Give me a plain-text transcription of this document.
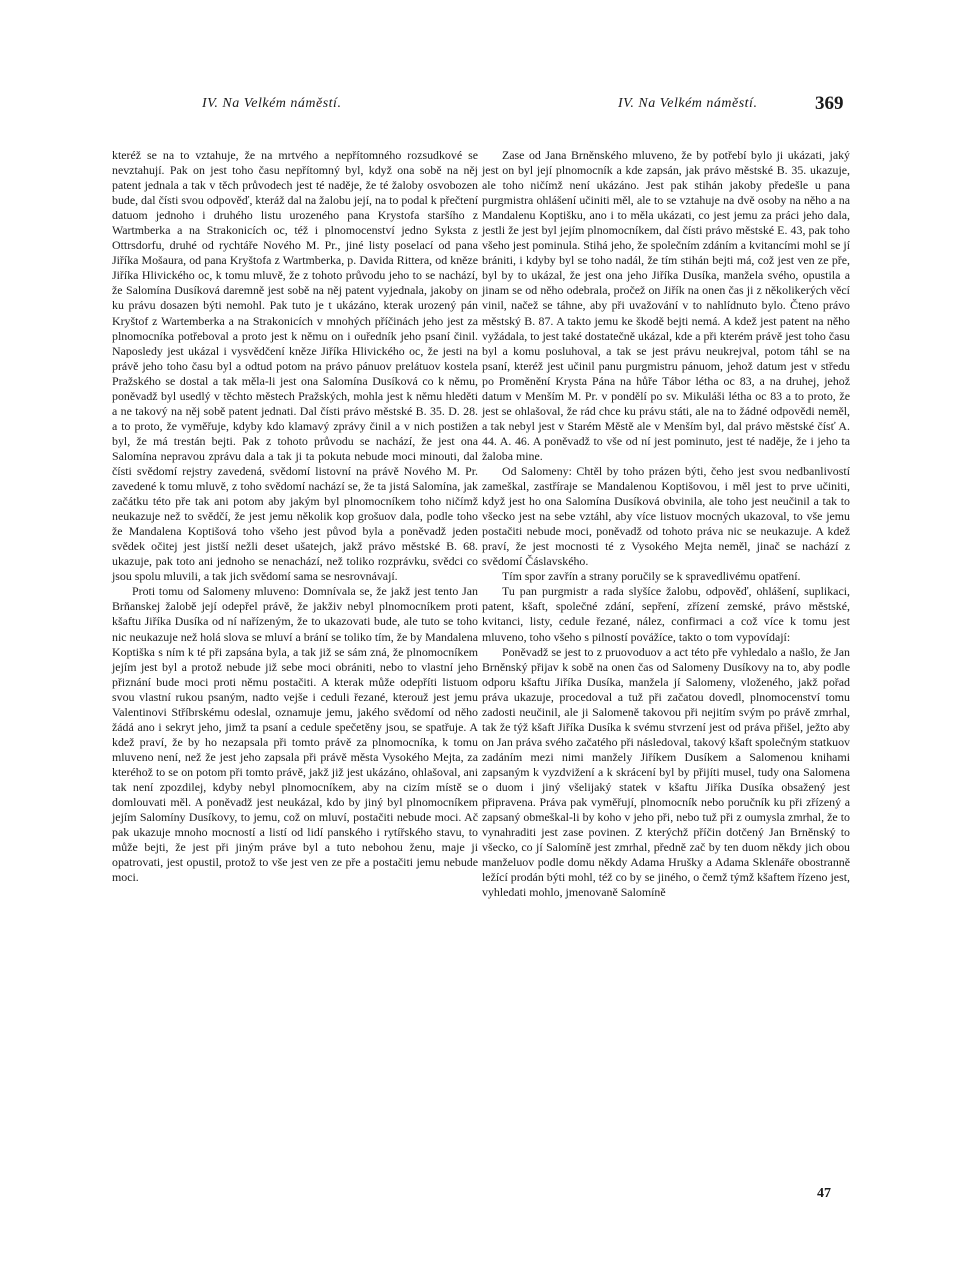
IV. Na Velkém náměstí.	IV. Na Velkém náměstí.	369

kteréž se na to vztahuje, že na mrtvého a nepřítomného rozsudkové se nevztahují. Pak on jest toho času nepřítomný byl, když ona sobě na něj patent jednala a tak v těch průvodech jest té naděje, že té žaloby osvobozen bude, dal čísti svou odpověď, kteráž dal na žalobu její, na to podal k přečtení datuom jednoho i druhého listu urozeného pana Krystofa staršího z Wartmberka a na Strakonicích oc, též i plnomocenství jedno Syksta z Ottrsdorfu, druhé od rychtáře Nového M. Pr., jiné listy poselací od pana Jiříka Mošaura, od pana Kryštofa z Wartmberka, p. Davida Rittera, od kněze Jiříka Hlivického oc, k tomu mluvě, že z tohoto průvodu jeho to se nachází, že Salomína Dusíková daremně jest sobě na něj patent vyjednala, jakoby on ku právu dosazen býti nemohl. Pak tuto je t ukázáno, kterak urozený pán Kryštof z Wartemberka a na Strakonicích v mnohých příčinách jeho jest za plnomocníka potřeboval a proto jest k němu on i ouředník jeho psaní činil. Naposledy jest ukázal i vysvědčení kněze Jiříka Hlivického oc, že jesti na právě jeho toho času byl a odtud potom na právo pánuov prelátuov kostela Pražského se dostal a tak měla-li jest ona Salomína Dusíková co k němu, poněvadž byl usedlý v těchto městech Pražských, mohla jest k němu hleděti a ne takový na něj sobě patent jednati. Dal čísti právo městské B. 35. D. 28. a to proto, že vyměřuje, kdyby kdo klamavý zprávy činil a v nich postižen byl, že má trestán bejti. Pak z tohoto průvodu se nachází, že jest ona Salomína nepravou zprávu dala a tak ji ta pokuta nebude moci minouti, dal čísti svědomí rejstry zavedená, svědomí listovní na právě Nového M. Pr. zavedené k tomu mluvě, z toho svědomí nachází se, že ta jistá Salomína, jak začátku této pře tak ani potom aby jakým byl plnomocníkem toho ničímž neukazuje než to svědčí, že jest jemu několik kop grošuov dala, podle toho že Mandalena Koptišová toho všeho jest původ byla a poněvadž jeden svědek očitej jest jistší nežli deset ušatejch, jakž právo městské B. 68. ukazuje, pak toto ani jednoho se nenachází, než toliko rozprávku, svědci co jsou spolu mluvili, a tak jich svědomí sama se nesrovnávají.

Proti tomu od Salomeny mluveno: Domnívala se, že jakž jest tento Jan Brňanskej žalobě její odepřel právě, že jakživ nebyl plnomocníkem proti kšaftu Jiříka Dusíka od ní nařízeným, že to ukazovati bude, ale tuto se toho nic neukazuje než holá slova se mluví a brání se toliko tím, že by Mandalena Koptiška s ním k té při zapsána byla, a tak již se sám zná, že plnomocníkem jejím jest byl a protož nebude již sebe moci obrániti, nebo to vlastní jeho přiznání bude moci proti němu postačiti. A kterak může odepříti listuom svou vlastní rukou psaným, nadto vejše i ceduli řezané, kterouž jest jemu Valentinovi Stříbrskému odeslal, oznamuje jemu, jakého svědomí od něho žádá ano i sekryt jeho, jimž ta psaní a cedule spečetěny jsou, se spatřuje. A kdež praví, že by ho nezapsala při tomto právě za plnomocníka, k tomu mluveno není, než že jest jeho zapsala při právě města Vysokého Mejta, za kteréhož to se on potom při tomto právě, jakž již jest ukázáno, ohlašoval, ani tak není zpozdilej, kdyby nebyl plnomocníkem, aby na cizím místě se domlouvati měl. A poněvadž jest neukázal, kdo by jiný byl plnomocníkem jejím Salomíny Dusíkovy, to jemu, což on mluví, postačiti nebude moci. Ač pak ukazuje mnoho mocností a listí od lidí panského i rytířského stavu, to může bejti, že jest při jiným práve byl a tuto nebohou ženu, maje ji opatrovati, jest opustil, protož to vše jest ven ze pře a postačiti jemu nebude moci.

Zase od Jana Brněnského mluveno, že by potřebí bylo ji ukázati, jaký jest on byl její plnomocník a kde zapsán, jak právo městské B. 35. ukazuje, ale toho ničímž není ukázáno. Jest pak stihán jakoby předešle u pana purgmistra ohlášení učiniti měl, ale to se vztahuje na dvě osoby na něho a na Mandalenu Koptišku, ano i to měla ukázati, co jest jemu za práci jeho dala, jestli že jest byl jejím plnomocníkem, dal čísti právo městské E. 43, pak toho všeho jest pominula. Stihá jeho, že společním zdáním a kvitancími mohl se jí brániti, i kdyby byl se toho nadál, že tím stihán bejti má, což jest ven ze pře, byl by to ukázal, že jest ona jeho Jiříka Dusíka, manžela svého, opustila a jinam se od něho odebrala, pročež on Jiřík na onen čas ji z několikerých věcí vinil, načež se táhne, aby při uvažování v to nahlídnuto bylo. Čteno právo městský B. 87. A takto jemu ke škodě bejti nemá. A kdež jest patent na něho vyžádala, to jest také dostatečně ukázal, kde a při kterém právě jest toho času byl a komu posluhoval, a tak se jest právu neukrejval, potom táhl se na psaní, kteréž jest učinil panu purgmistru pánuom, jehož datum jest v středu po Proměnění Krysta Pána na hůře Tábor létha oc 83, a na druhej, jehož datum v Menším M. Pr. v pondělí po sv. Mikuláši létha oc 83 a to proto, že jest se ohlašoval, že rád chce ku právu státi, ale na to žádné odpovědi neměl, a tak nebyl jest v Starém Městě ale v Menším byl, dal právo městské čísť A. 44. A. 46. A poněvadž to vše od ní jest pominuto, jest té naděje, že i jeho ta žaloba mine.

Od Salomeny: Chtěl by toho prázen býti, čeho jest svou nedbanlivostí zameškal, zastříraje se Mandalenou Koptišovou, i měl jest to prve učiniti, když jest ho ona Salomína Dusíková obvinila, ale toho jest neučinil a tak to všecko jest na sebe vztáhl, aby více listuov mocných ukazoval, to vše jemu postačiti nebude moci, poněvadž od tohoto práva nic se neukazuje. A kdež praví, že jest mocnosti té z Vysokého Mejta neměl, jinač se nachází z svědomí Čáslavského.

Tím spor zavřín a strany poručily se k spravedlivému opatření.

Tu pan purgmistr a rada slyšíce žalobu, odpověď, ohlášení, suplikaci, patent, kšaft, společné zdání, sepření, zřízení zemské, právo městské, kvitanci, listy, cedule řezané, nález, confirmaci a což více k tomu jest mluveno, toho všeho s pilností povážíce, takto o tom vypovídají:

Poněvadž se jest to z pruovoduov a act této pře vyhledalo a našlo, že Jan Brněnský přijav k sobě na onen čas od Salomeny Dusíkovy na to, aby podle odporu kšaftu Jiříka Dusíka, manžela jí Salomeny, vloženého, jakž pořad práva ukazuje, procedoval a tuž při začatou dovedl, plnomocenství tomu zadosti neučinil, ale ji Salomeně takovou při nejitím svým po právě zmrhal, tak že týž kšaft Jiříka Dusíka k svému stvrzení jest od práva přišel, ježto aby on Jan práva svého začatého při následoval, takový kšaft společným statkuov zadáním mezi nimi manžely Jiříkem Dusíkem a Salomenou knihami zapsaným k vyzdvižení a k skrácení byl by přijíti musel, tudy ona Salomena o duom i jiný všelijaký statek v kšaftu Jiříka Dusíka obsažený jest připravena. Práva pak vyměřují, plnomocník nebo poručník ku při zřízený a zapsaný obmeškal-li by koho v jeho při, nebo tuž při z oumysla zmrhal, že to vynahraditi jest zase povinen. Z kterýchž příčin dotčený Jan Brněnský to všecko, co jí Salomíně jest zmrhal, předně zač by ten duom někdy jich obou manželuov podle domu někdy Adama Hrušky a Adama Sklenáře obostranně ležící prodán býti mohl, též co by se jiného, o čemž týmž kšaftem řízeno jest, vyhledati mohlo, jmenovaně Salomíně

47
